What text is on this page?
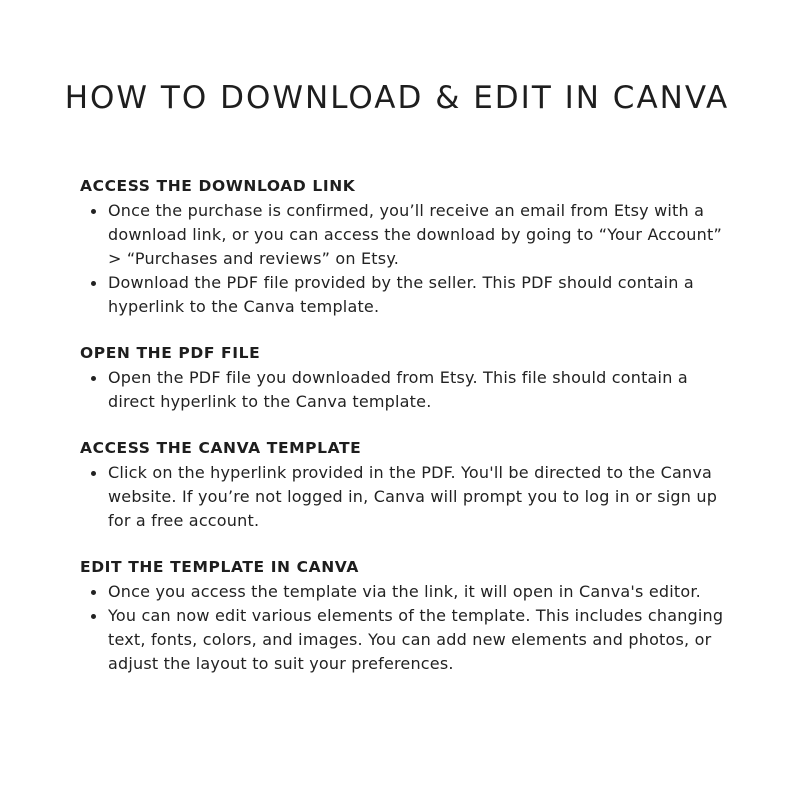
HOW TO DOWNLOAD & EDIT IN CANVA
ACCESS THE DOWNLOAD LINK
Once the purchase is confirmed, you’ll receive an email from Etsy with a download link, or you can access the download by going to “Your Account” > “Purchases and reviews” on Etsy.
Download the PDF file provided by the seller. This PDF should contain a hyperlink to the Canva template.
OPEN THE PDF FILE
Open the PDF file you downloaded from Etsy. This file should contain a direct hyperlink to the Canva template.
ACCESS THE CANVA TEMPLATE
Click on the hyperlink provided in the PDF. You'll be directed to the Canva website. If you’re not logged in, Canva will prompt you to log in or sign up for a free account.
EDIT THE TEMPLATE IN CANVA
Once you access the template via the link, it will open in Canva's editor.
You can now edit various elements of the template. This includes changing text, fonts, colors, and images. You can add new elements and photos, or adjust the layout to suit your preferences.
